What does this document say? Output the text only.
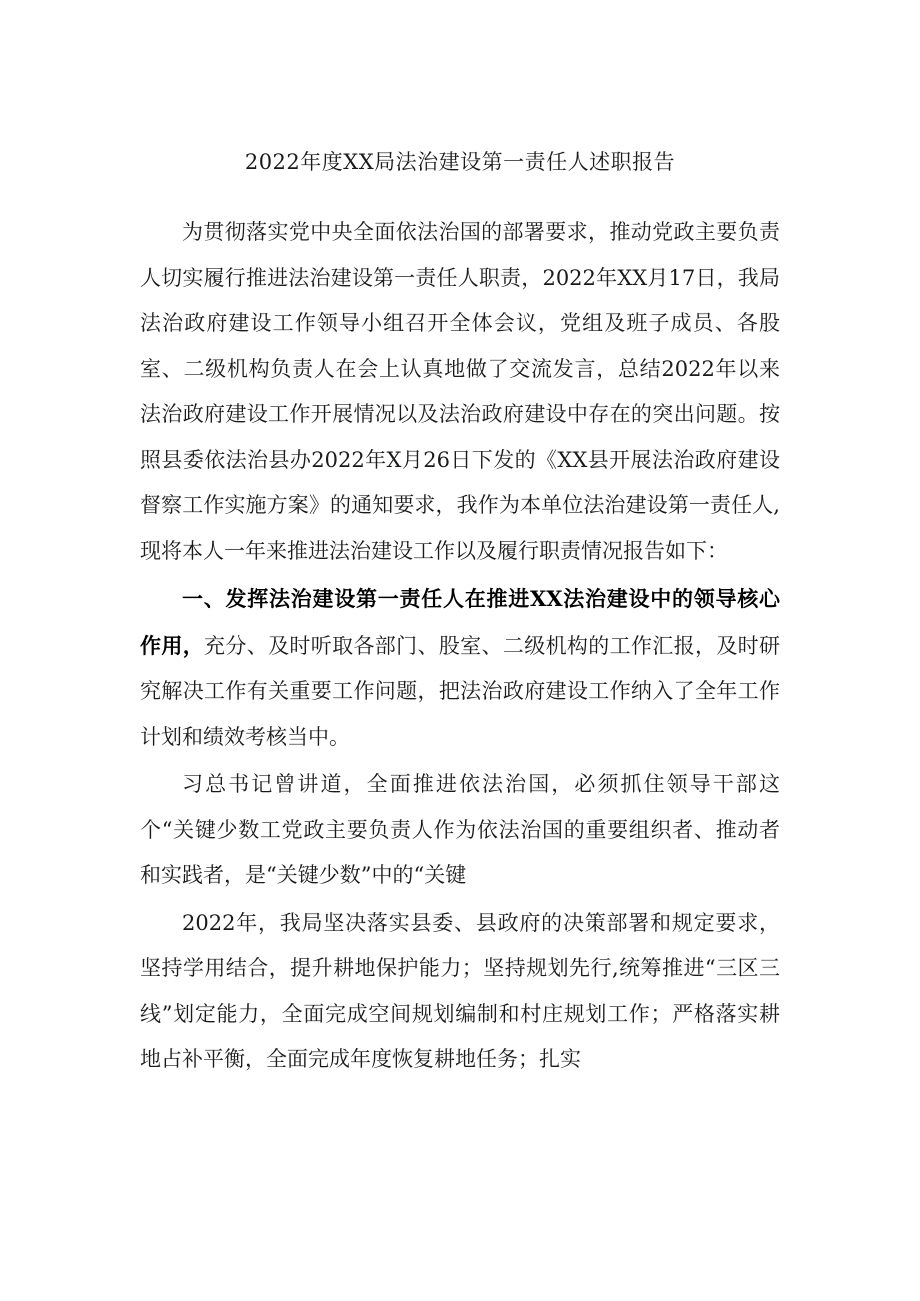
2022年度XX局法治建设第一责任人述职报告

为贯彻落实党中央全面依法治国的部署要求，推动党政主要负责人切实履行推进法治建设第一责任人职责，2022年XX月17日，我局法治政府建设工作领导小组召开全体会议，党组及班子成员、各股室、二级机构负责人在会上认真地做了交流发言，总结2022年以来法治政府建设工作开展情况以及法治政府建设中存在的突出问题。按照县委依法治县办2022年X月26日下发的《XX县开展法治政府建设督察工作实施方案》的通知要求，我作为本单位法治建设第一责任人,现将本人一年来推进法治建设工作以及履行职责情况报告如下：

一、发挥法治建设第一责任人在推进XX法治建设中的领导核心作用，充分、及时听取各部门、股室、二级机构的工作汇报，及时研究解决工作有关重要工作问题，把法治政府建设工作纳入了全年工作计划和绩效考核当中。

习总书记曾讲道，全面推进依法治国，必须抓住领导干部这个“关键少数工党政主要负责人作为依法治国的重要组织者、推动者和实践者，是“关键少数”中的“关键

2022年，我局坚决落实县委、县政府的决策部署和规定要求，坚持学用结合，提升耕地保护能力；坚持规划先行,统筹推进“三区三线”划定能力，全面完成空间规划编制和村庄规划工作；严格落实耕地占补平衡，全面完成年度恢复耕地任务；扎实
